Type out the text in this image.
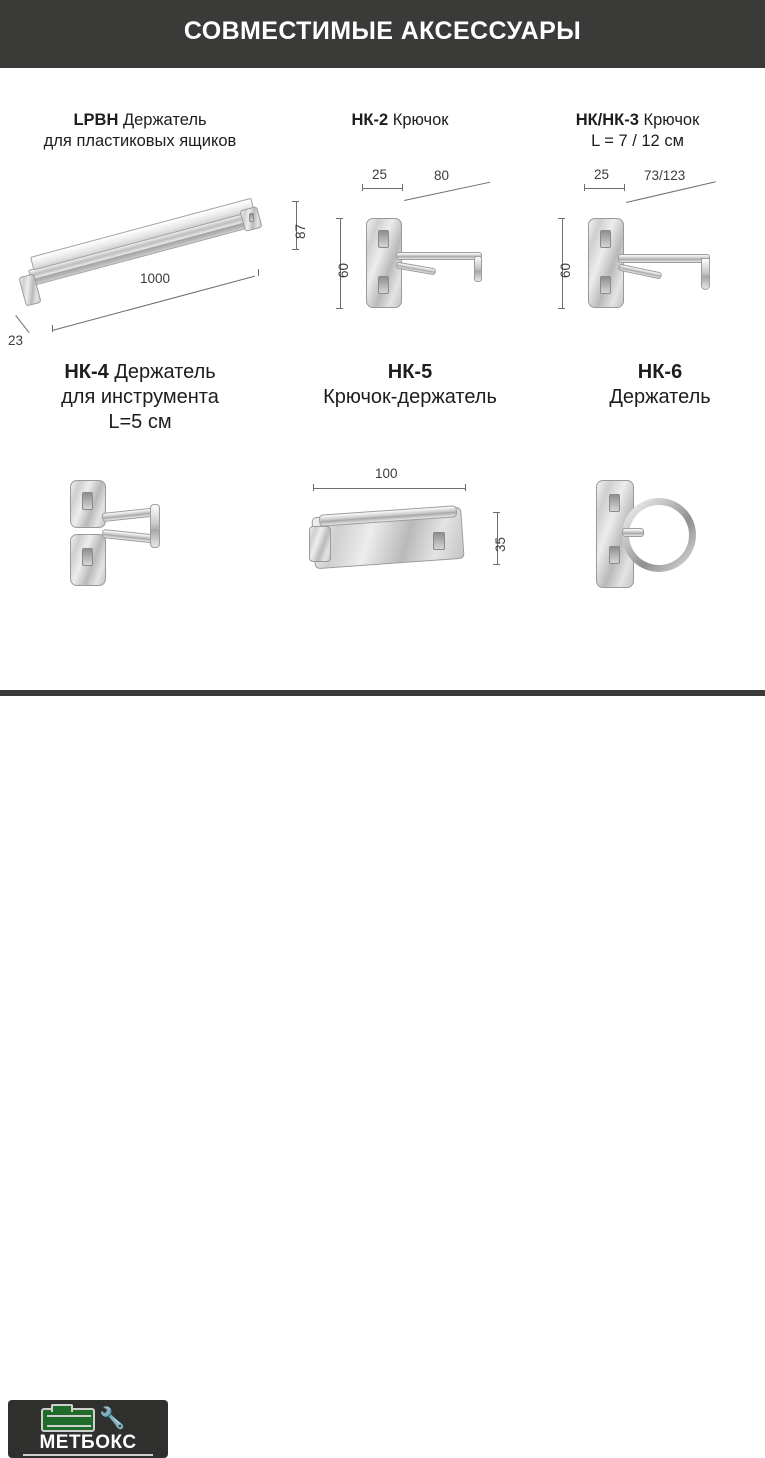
СОВМЕСТИМЫЕ АКСЕССУАРЫ
LPBH Держатель
для пластиковых ящиков
87
1000
23
НК-2 Крючок
25	80
60
НК/НК-3 Крючок
L = 7 / 12 см
25	73/123
60
НК-4 Держатель
для инструмента
L=5 см
НК-5
Крючок-держатель
100
35
НК-6
Держатель
🔧
МЕТБОКС
